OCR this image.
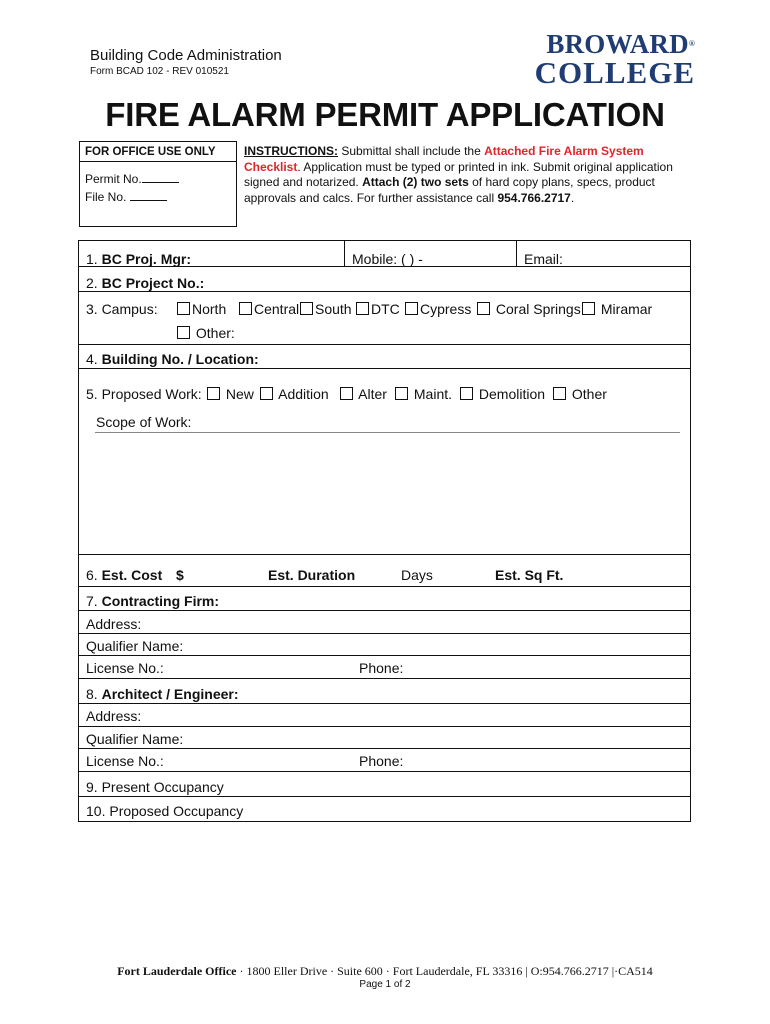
Building Code Administration
Form BCAD 102 - REV 010521
BROWARD®
COLLEGE
FIRE ALARM PERMIT APPLICATION
FOR OFFICE USE ONLY
Permit No.
File No.
INSTRUCTIONS: Submittal shall include the Attached Fire Alarm System Checklist. Application must be typed or printed in ink. Submit original application signed and notarized. Attach (2) two sets of hard copy plans, specs, product approvals and calcs. For further assistance call 954.766.2717.
1. BC Proj. Mgr:	Mobile: ( ) -	Email:
2. BC Project No.:
3. Campus:	North	Central	South	DTC	Cypress	Coral Springs	Miramar
Other:
4. Building No. / Location:
5. Proposed Work:	New	Addition	Alter	Maint.	Demolition	Other
Scope of Work:
6. Est. Cost $	Est. Duration	Days	Est. Sq Ft.
7. Contracting Firm:
Address:
Qualifier Name:
License No.:	Phone:
8. Architect / Engineer:
Address:
Qualifier Name:
License No.:	Phone:
9. Present Occupancy
10. Proposed Occupancy
Fort Lauderdale Office · 1800 Eller Drive · Suite 600 · Fort Lauderdale, FL 33316 | O:954.766.2717 |·CA514
Page 1 of 2
